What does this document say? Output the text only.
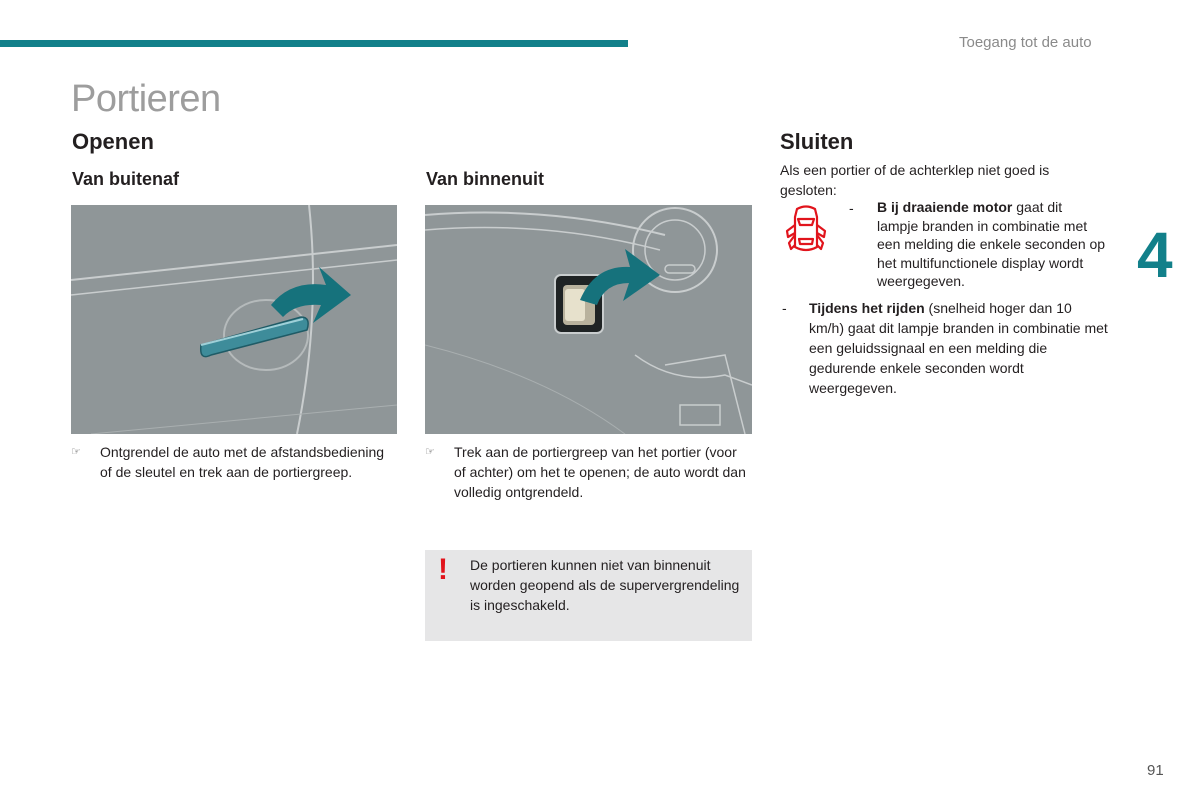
Toegang tot de auto
Portieren
Openen
Van buitenaf	Van binnenuit
☞	Ontgrendel de auto met de afstandsbediening of de sleutel en trek aan de portiergreep.
☞	Trek aan de portiergreep van het portier (voor of achter) om het te openen; de auto wordt dan volledig ontgrendeld.
! De portieren kunnen niet van binnenuit worden geopend als de supervergrendeling is ingeschakeld.
Sluiten
Als een portier of de achterklep niet goed is gesloten:
- B ij draaiende motor gaat dit lampje branden in combinatie met een melding die enkele seconden op het multifunctionele display wordt weergegeven.
- Tijdens het rijden (snelheid hoger dan 10 km/h) gaat dit lampje branden in combinatie met een geluidssignaal en een melding die gedurende enkele seconden wordt weergegeven.
4
91
